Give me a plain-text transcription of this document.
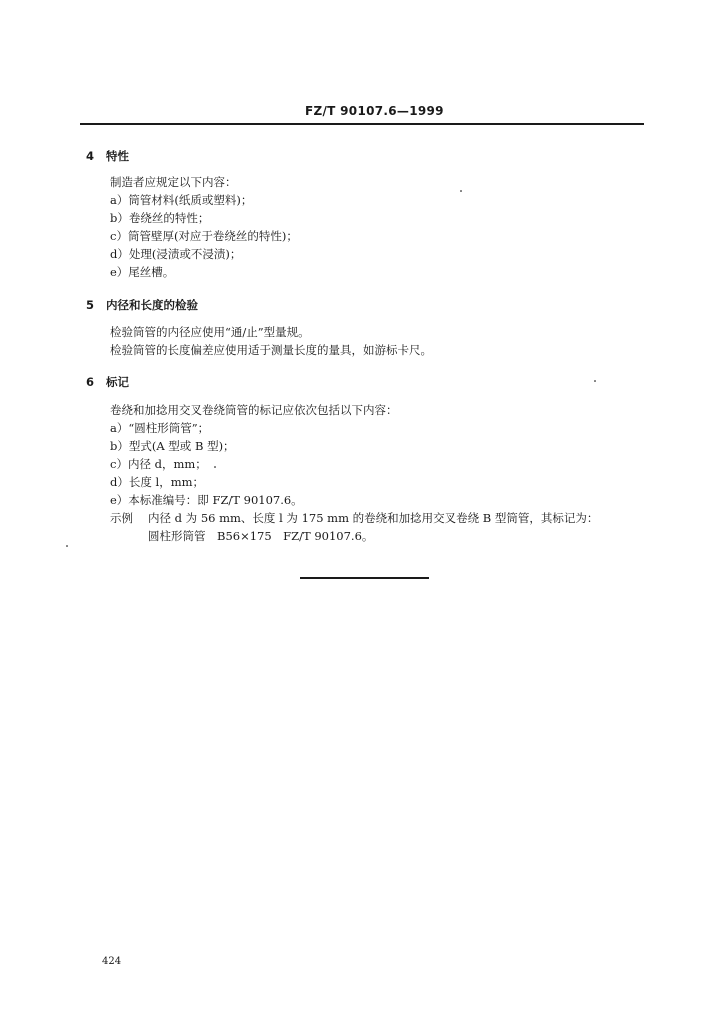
FZ/T 90107.6—1999
4 特性
制造者应规定以下内容：
a）筒管材料(纸质或塑料)；
b）卷绕丝的特性；
c）筒管壁厚(对应于卷绕丝的特性)；
d）处理(浸渍或不浸渍)；
e）尾丝槽。
5 内径和长度的检验
检验筒管的内径应使用“通/止”型量规。
检验筒管的长度偏差应使用适于测量长度的量具，如游标卡尺。
6 标记
卷绕和加捻用交叉卷绕筒管的标记应依次包括以下内容：
a）“圆柱形筒管”；
b）型式(A 型或 B 型)；
c）内径 d，mm；
d）长度 l，mm；
e）本标准编号：即 FZ/T 90107.6。
示例 内径 d 为 56 mm、长度 l 为 175 mm 的卷绕和加捻用交叉卷绕 B 型筒管，其标记为：
圆柱形筒管　B56×175　FZ/T 90107.6。
424
